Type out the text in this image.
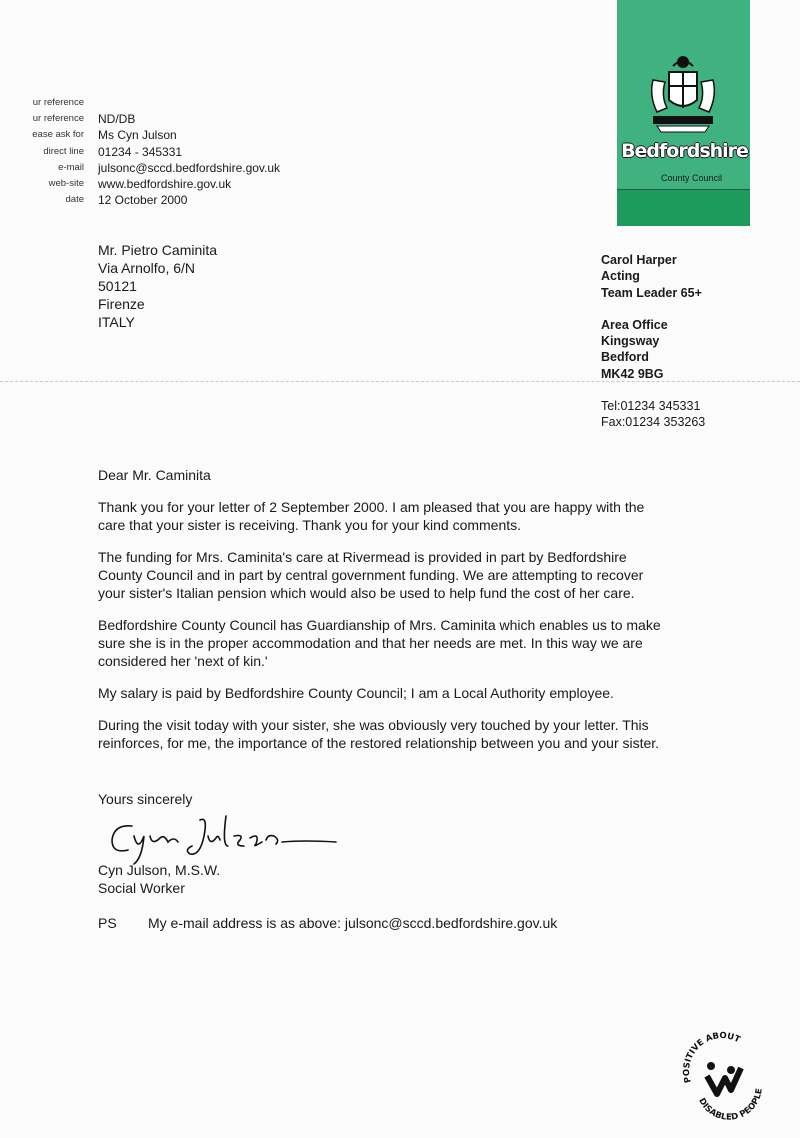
ur reference
ur reference	ND/DB
ease ask for	Ms Cyn Julson
direct line	01234 - 345331
e-mail	julsonc@sccd.bedfordshire.gov.uk
web-site	www.bedfordshire.gov.uk
date	12 October 2000
Mr. Pietro Caminita
Via Arnolfo, 6/N
50121
Firenze
ITALY
Bedfordshire
County Council
Carol Harper
Acting
Team Leader 65+
Area Office
Kingsway
Bedford
MK42 9BG
Tel:01234 345331
Fax:01234 353263

Dear Mr. Caminita

Thank you for your letter of 2 September 2000. I am pleased that you are happy with the
care that your sister is receiving. Thank you for your kind comments.

The funding for Mrs. Caminita's care at Rivermead is provided in part by Bedfordshire
County Council and in part by central government funding. We are attempting to recover
your sister's Italian pension which would also be used to help fund the cost of her care.

Bedfordshire County Council has Guardianship of Mrs. Caminita which enables us to make
sure she is in the proper accommodation and that her needs are met. In this way we are
considered her 'next of kin.'

My salary is paid by Bedfordshire County Council; I am a Local Authority employee.

During the visit today with your sister, she was obviously very touched by your letter. This
reinforces, for me, the importance of the restored relationship between you and your sister.

Yours sincerely
Cyn Julson, M.S.W.
Social Worker
PS My e-mail address is as above: julsonc@sccd.bedfordshire.gov.uk
POSITIVE ABOUT
DISABLED PEOPLE
